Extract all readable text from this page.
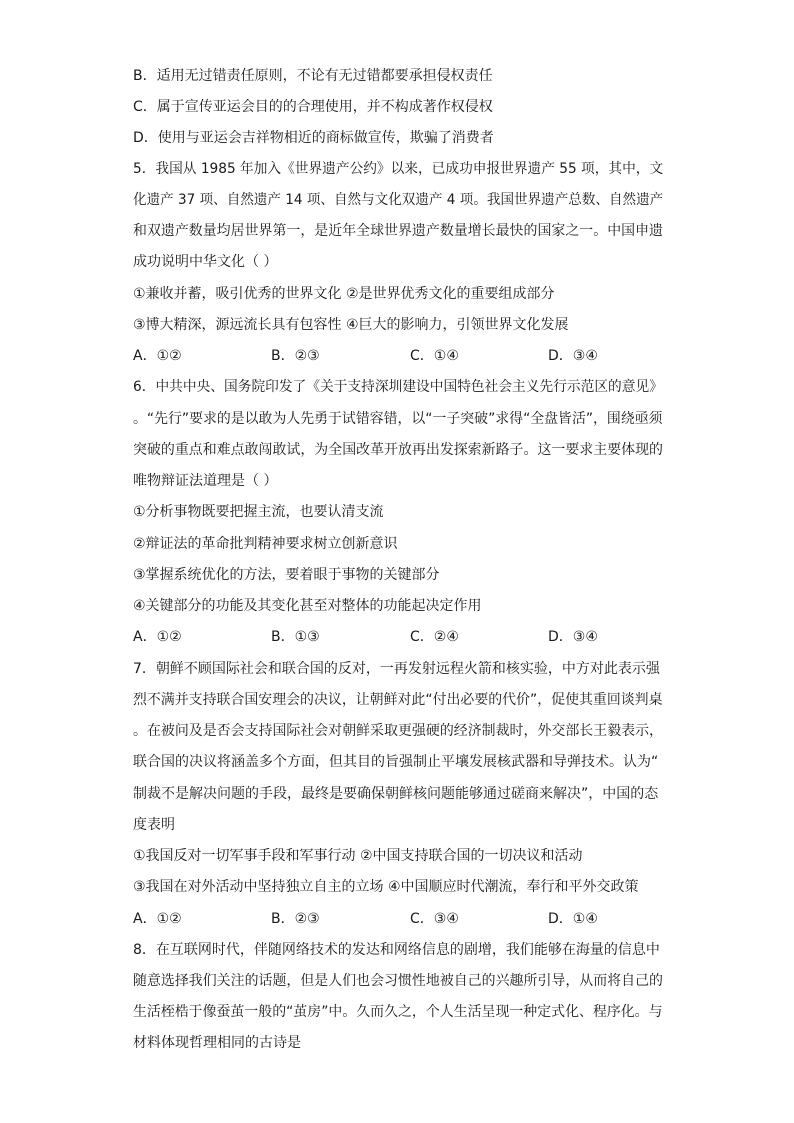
B．适用无过错责任原则，不论有无过错都要承担侵权责任
C．属于宣传亚运会目的的合理使用，并不构成著作权侵权
D．使用与亚运会吉祥物相近的商标做宣传，欺骗了消费者
5．我国从 1985 年加入《世界遗产公约》以来，已成功申报世界遗产 55 项，其中，文
化遗产 37 项、自然遗产 14 项、自然与文化双遗产 4 项。我国世界遗产总数、自然遗产
和双遗产数量均居世界第一，是近年全球世界遗产数量增长最快的国家之一。中国申遗
成功说明中华文化（ ）
①兼收并蓄，吸引优秀的世界文化 ②是世界优秀文化的重要组成部分
③博大精深，源远流长具有包容性 ④巨大的影响力，引领世界文化发展
A．①②	B．②③	C．①④	D．③④
6．中共中央、国务院印发了《关于支持深圳建设中国特色社会主义先行示范区的意见》
。“先行”要求的是以敢为人先勇于试错容错，以“一子突破”求得“全盘皆活”，围绕亟须
突破的重点和难点敢闯敢试，为全国改革开放再出发探索新路子。这一要求主要体现的
唯物辩证法道理是（ ）
①分析事物既要把握主流，也要认清支流
②辩证法的革命批判精神要求树立创新意识
③掌握系统优化的方法，要着眼于事物的关键部分
④关键部分的功能及其变化甚至对整体的功能起决定作用
A．①②	B．①③	C．②④	D．③④
7．朝鲜不顾国际社会和联合国的反对，一再发射远程火箭和核实验，中方对此表示强
烈不满并支持联合国安理会的决议，让朝鲜对此“付出必要的代价”，促使其重回谈判桌
。在被问及是否会支持国际社会对朝鲜采取更强硬的经济制裁时，外交部长王毅表示，
联合国的决议将涵盖多个方面，但其目的旨强制止平壤发展核武器和导弹技术。认为“
制裁不是解决问题的手段，最终是要确保朝鲜核问题能够通过磋商来解决”，中国的态
度表明
①我国反对一切军事手段和军事行动 ②中国支持联合国的一切决议和活动
③我国在对外活动中坚持独立自主的立场 ④中国顺应时代潮流，奉行和平外交政策
A．①②	B．②③	C．③④	D．①④
8．在互联网时代，伴随网络技术的发达和网络信息的剧增，我们能够在海量的信息中
随意选择我们关注的话题，但是人们也会习惯性地被自己的兴趣所引导，从而将自己的
生活桎梏于像蚕茧一般的“茧房”中。久而久之，个人生活呈现一种定式化、程序化。与
材料体现哲理相同的古诗是
